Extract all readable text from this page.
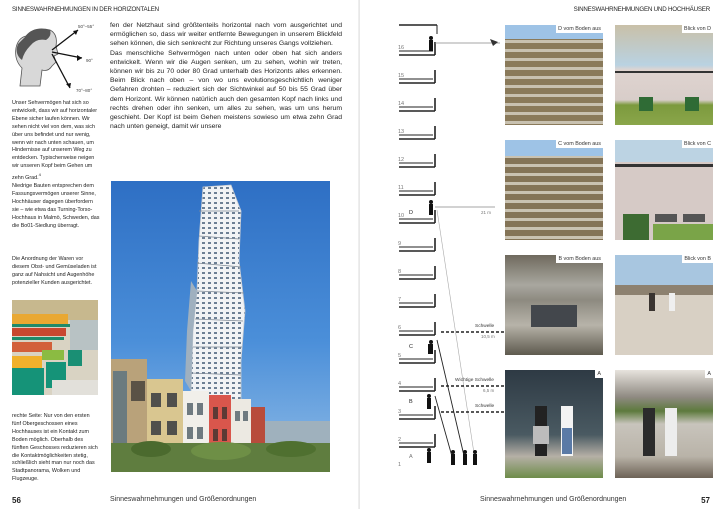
SINNESWAHRNEHMUNGEN IN DER HORIZONTALEN
50°–55°
90°
70°–80°
Unser Sehvermögen hat sich so entwickelt, dass wir auf horizontaler Ebene sicher laufen können. Wir sehen nicht viel von dem, was sich über uns befindet und nur wenig, wenn wir nach unten schauen, um Hindernisse auf unserem Weg zu entdecken. Typischerweise neigen wir unseren Kopf beim Gehen um zehn Grad.$^4$
Niedrige Bauten entsprechen dem Fassungsvermögen unserer Sinne, Hochhäuser dagegen überfordern sie – wie etwa das Turning-Torso-Hochhaus in Malmö, Schweden, das die Bo01-Siedlung überragt.
Die Anordnung der Waren vor diesem Obst- und Gemüseladen ist ganz auf Nahsicht und Augenhöhe potenzieller Kunden ausgerichtet.
rechte Seite: Nur von den ersten fünf Obergeschossen eines Hochhauses ist ein Kontakt zum Boden möglich. Oberhalb des fünften Geschosses reduzieren sich die Kontaktmöglichkeiten stetig, schließlich sieht man nur noch das Stadtpanorama, Wolken und Flugzeuge.

fen der Netzhaut sind größtenteils horizontal nach vorn ausgerichtet und ermöglichen so, dass wir weiter entfernte Bewegungen in unserem Blickfeld sehen können, die sich senkrecht zur Richtung unseres Gangs vollziehen.

Das menschliche Sehvermögen nach unten oder oben hat sich anders entwickelt. Wenn wir die Augen senken, um zu sehen, wohin wir treten, können wir bis zu 70 oder 80 Grad unterhalb des Horizonts alles erkennen. Beim Blick nach oben – von wo uns evolutionsgeschichtlich weniger Gefahren drohten – reduziert sich der Sichtwinkel auf 50 bis 55 Grad über dem Horizont. Wir können natürlich auch den gesamten Kopf nach links und rechts drehen oder ihn senken, um alles zu sehen, was um uns herum geschieht. Der Kopf ist beim Gehen meistens sowieso um etwa zehn Grad nach unten geneigt, damit wir unsere

56	Sinneswahrnehmungen und Größenordnungen
SINNESWAHRNEHMUNGEN UND HOCHHÄUSER
Sinneswahrnehmungen und Größenordnungen	57
16
15
14
13
12
11
10
9
8
7
6
5
4
3
2
1
D
C
B
A
21 m
Schwelle
10,5 m
Wichtige Schwelle
6,5 m
Schwelle
D vom Boden aus	Blick von D
C vom Boden aus	Blick von C
B vom Boden aus	Blick von B
A	A
